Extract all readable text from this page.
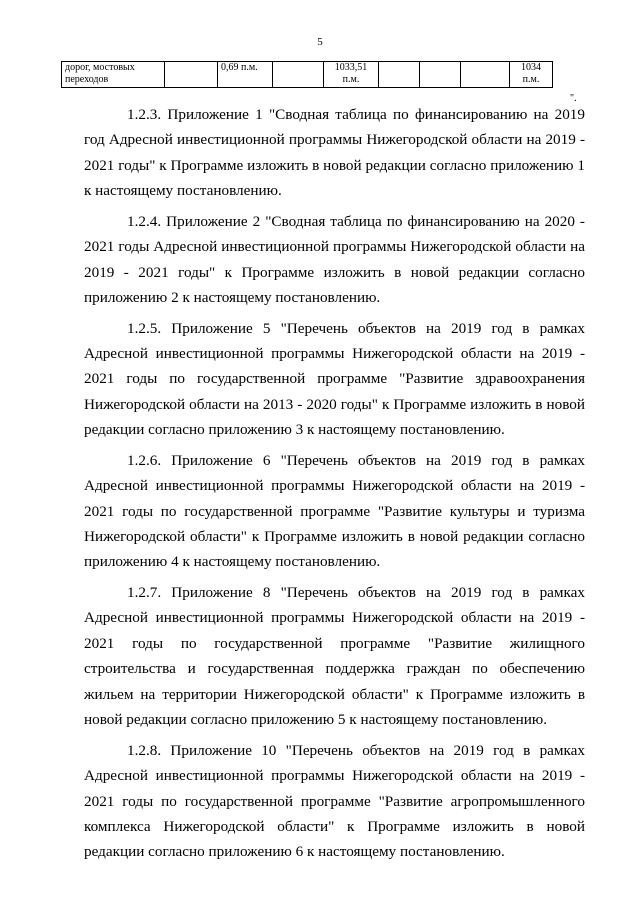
5
дорог, мостовых переходов		0,69 п.м.		1033,51 п.м.				1034 п.м.
".

1.2.3. Приложение 1 "Сводная таблица по финансированию на 2019 год Адресной инвестиционной программы Нижегородской области на 2019 - 2021 годы" к Программе изложить в новой редакции согласно приложению 1 к настоящему постановлению.

1.2.4. Приложение 2 "Сводная таблица по финансированию на 2020 - 2021 годы Адресной инвестиционной программы Нижегородской области на 2019 - 2021 годы" к Программе изложить в новой редакции согласно приложению 2 к настоящему постановлению.

1.2.5. Приложение 5 "Перечень объектов на 2019 год в рамках Адресной инвестиционной программы Нижегородской области на 2019 - 2021 годы по государственной программе "Развитие здравоохранения Нижегородской области на 2013 - 2020 годы" к Программе изложить в новой редакции согласно приложению 3 к настоящему постановлению.

1.2.6. Приложение 6 "Перечень объектов на 2019 год в рамках Адресной инвестиционной программы Нижегородской области на 2019 - 2021 годы по государственной программе "Развитие культуры и туризма Нижегородской области" к Программе изложить в новой редакции согласно приложению 4 к настоящему постановлению.

1.2.7. Приложение 8 "Перечень объектов на 2019 год в рамках Адресной инвестиционной программы Нижегородской области на 2019 - 2021 годы по государственной программе "Развитие жилищного строительства и государственная поддержка граждан по обеспечению жильем на территории Нижегородской области" к Программе изложить в новой редакции согласно приложению 5 к настоящему постановлению.

1.2.8. Приложение 10 "Перечень объектов на 2019 год в рамках Адресной инвестиционной программы Нижегородской области на 2019 - 2021 годы по государственной программе "Развитие агропромышленного комплекса Нижегородской области" к Программе изложить в новой редакции согласно приложению 6 к настоящему постановлению.
